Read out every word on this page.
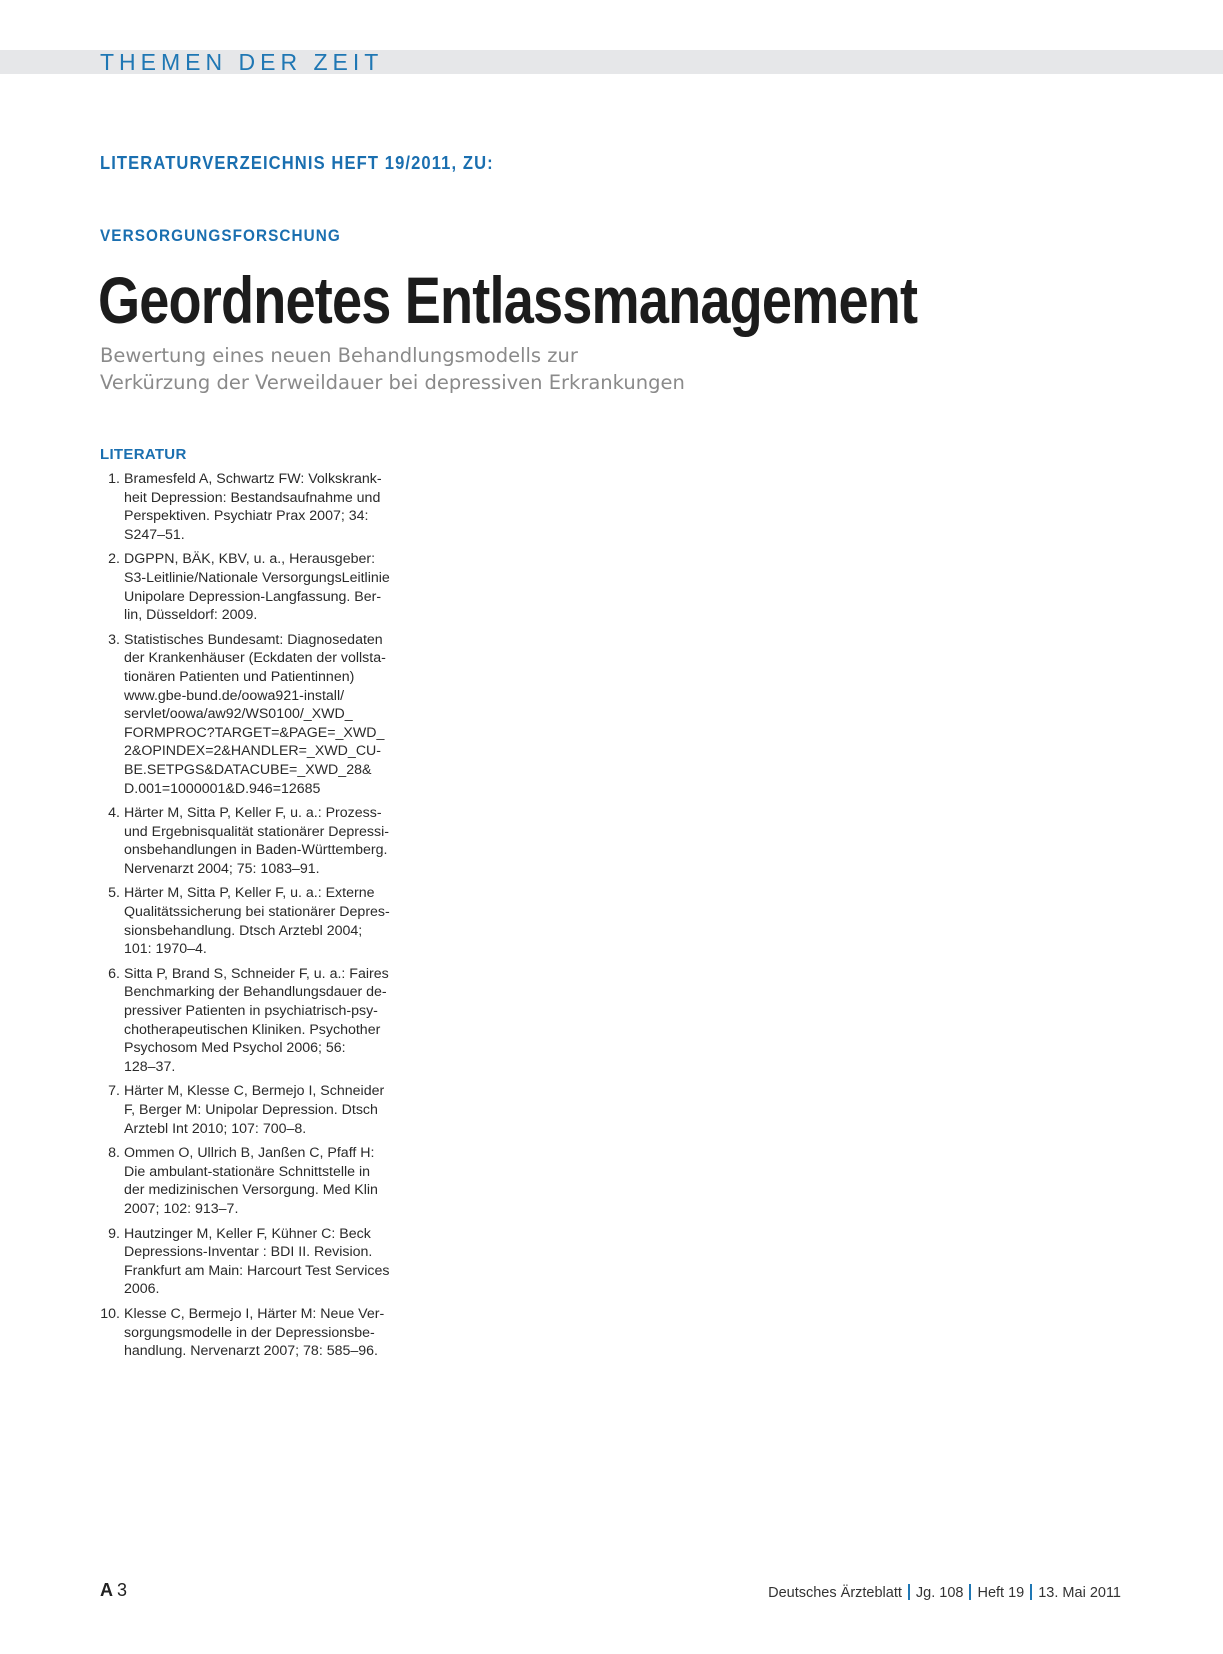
THEMEN DER ZEIT
LITERATURVERZEICHNIS HEFT 19/2011, ZU:
VERSORGUNGSFORSCHUNG
Geordnetes Entlassmanagement
Bewertung eines neuen Behandlungsmodells zur
Verkürzung der Verweildauer bei depressiven Erkrankungen
LITERATUR
1. Bramesfeld A, Schwartz FW: Volkskrank-
heit Depression: Bestandsaufnahme und
Perspektiven. Psychiatr Prax 2007; 34:
S247–51.
2. DGPPN, BÄK, KBV, u. a., Herausgeber:
S3-Leitlinie/Nationale VersorgungsLeitlinie
Unipolare Depression-Langfassung. Ber-
lin, Düsseldorf: 2009.
3. Statistisches Bundesamt: Diagnosedaten
der Krankenhäuser (Eckdaten der vollsta-
tionären Patienten und Patientinnen)
www.gbe-bund.de/oowa921-install/
servlet/oowa/aw92/WS0100/_XWD_
FORMPROC?TARGET=&PAGE=_XWD_
2&OPINDEX=2&HANDLER=_XWD_CU-
BE.SETPGS&DATACUBE=_XWD_28&
D.001=1000001&D.946=12685
4. Härter M, Sitta P, Keller F, u. a.: Prozess-
und Ergebnisqualität stationärer Depressi-
onsbehandlungen in Baden-Württemberg.
Nervenarzt 2004; 75: 1083–91.
5. Härter M, Sitta P, Keller F, u. a.: Externe
Qualitätssicherung bei stationärer Depres-
sionsbehandlung. Dtsch Arztebl 2004;
101: 1970–4.
6. Sitta P, Brand S, Schneider F, u. a.: Faires
Benchmarking der Behandlungsdauer de-
pressiver Patienten in psychiatrisch-psy-
chotherapeutischen Kliniken. Psychother
Psychosom Med Psychol 2006; 56:
128–37.
7. Härter M, Klesse C, Bermejo I, Schneider
F, Berger M: Unipolar Depression. Dtsch
Arztebl Int 2010; 107: 700–8.
8. Ommen O, Ullrich B, Janßen C, Pfaff H:
Die ambulant-stationäre Schnittstelle in
der medizinischen Versorgung. Med Klin
2007; 102: 913–7.
9. Hautzinger M, Keller F, Kühner C: Beck
Depressions-Inventar : BDI II. Revision.
Frankfurt am Main: Harcourt Test Services
2006.
10. Klesse C, Bermejo I, Härter M: Neue Ver-
sorgungsmodelle in der Depressionsbe-
handlung. Nervenarzt 2007; 78: 585–96.
A 3	Deutsches Ärzteblatt Jg. 108 Heft 19 13. Mai 2011
